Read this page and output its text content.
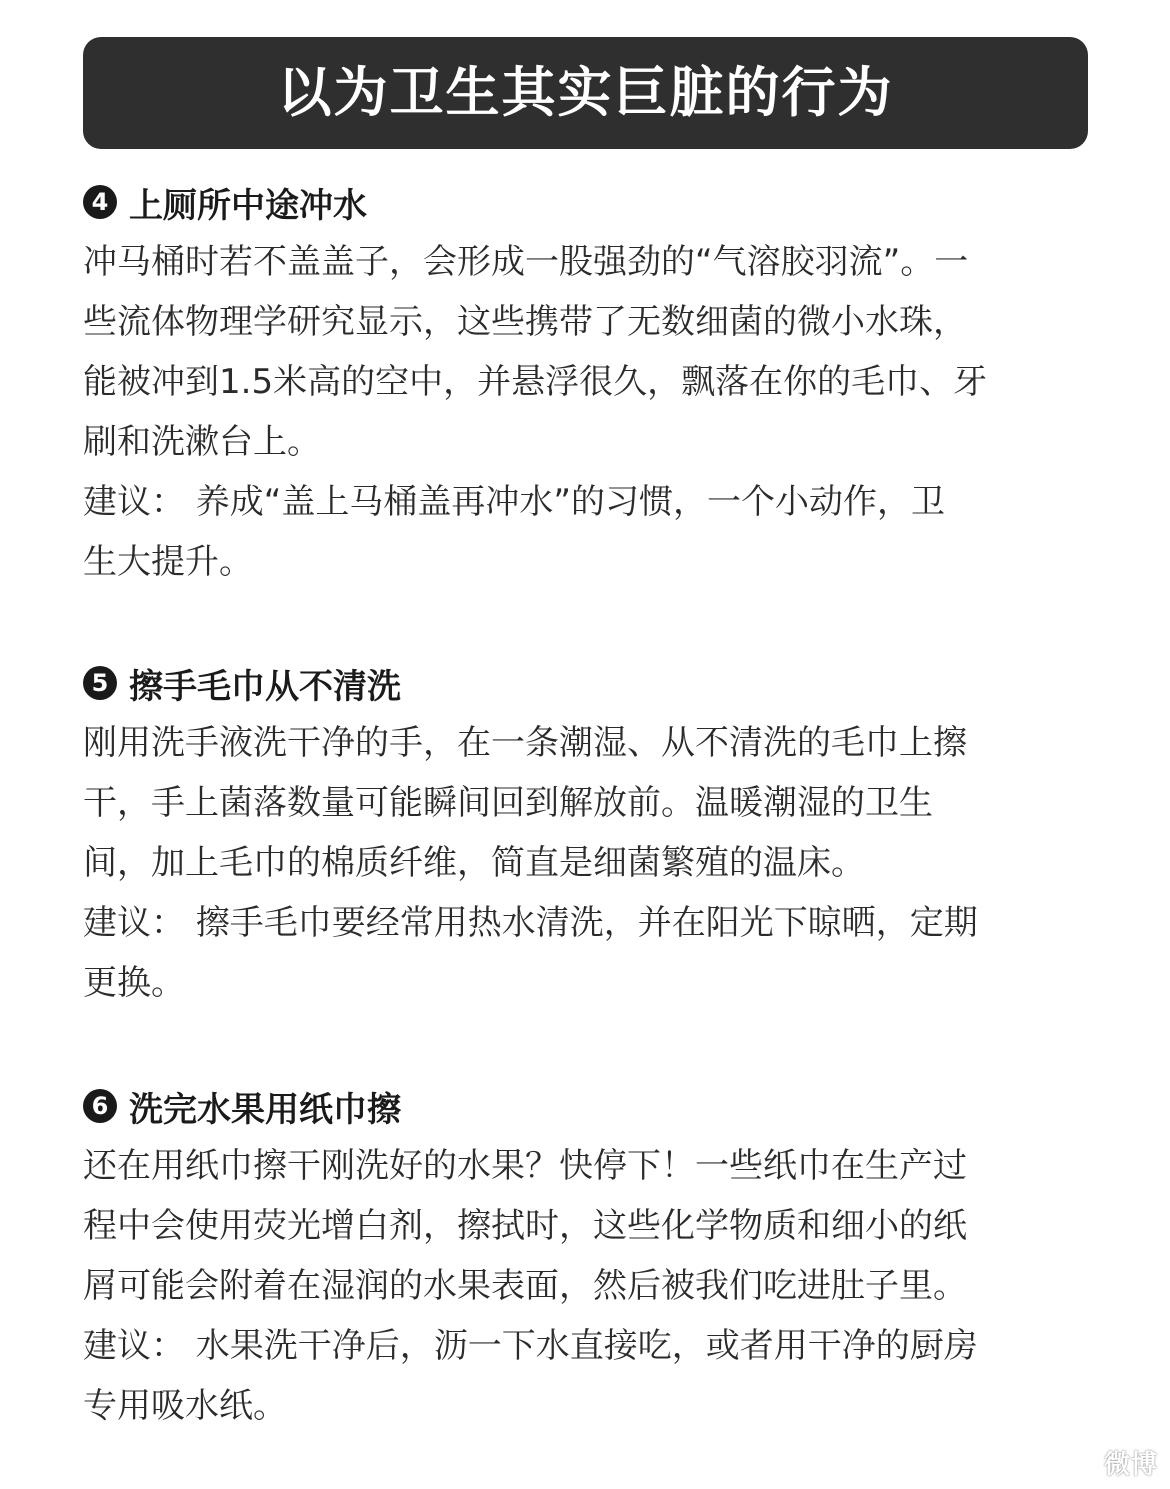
以为卫生其实巨脏的行为
4 上厕所中途冲水

冲马桶时若不盖盖子，会形成一股强劲的“气溶胶羽流”。一
些流体物理学研究显示，这些携带了无数细菌的微小水珠，
能被冲到1.5米高的空中，并悬浮很久，飘落在你的毛巾、牙
刷和洗漱台上。
建议： 养成“盖上马桶盖再冲水”的习惯，一个小动作，卫
生大提升。

5 擦手毛巾从不清洗

刚用洗手液洗干净的手，在一条潮湿、从不清洗的毛巾上擦
干，手上菌落数量可能瞬间回到解放前。温暖潮湿的卫生
间，加上毛巾的棉质纤维，简直是细菌繁殖的温床。
建议： 擦手毛巾要经常用热水清洗，并在阳光下晾晒，定期
更换。

6 洗完水果用纸巾擦

还在用纸巾擦干刚洗好的水果？快停下！一些纸巾在生产过
程中会使用荧光增白剂，擦拭时，这些化学物质和细小的纸
屑可能会附着在湿润的水果表面，然后被我们吃进肚子里。
建议： 水果洗干净后，沥一下水直接吃，或者用干净的厨房
专用吸水纸。

微博
